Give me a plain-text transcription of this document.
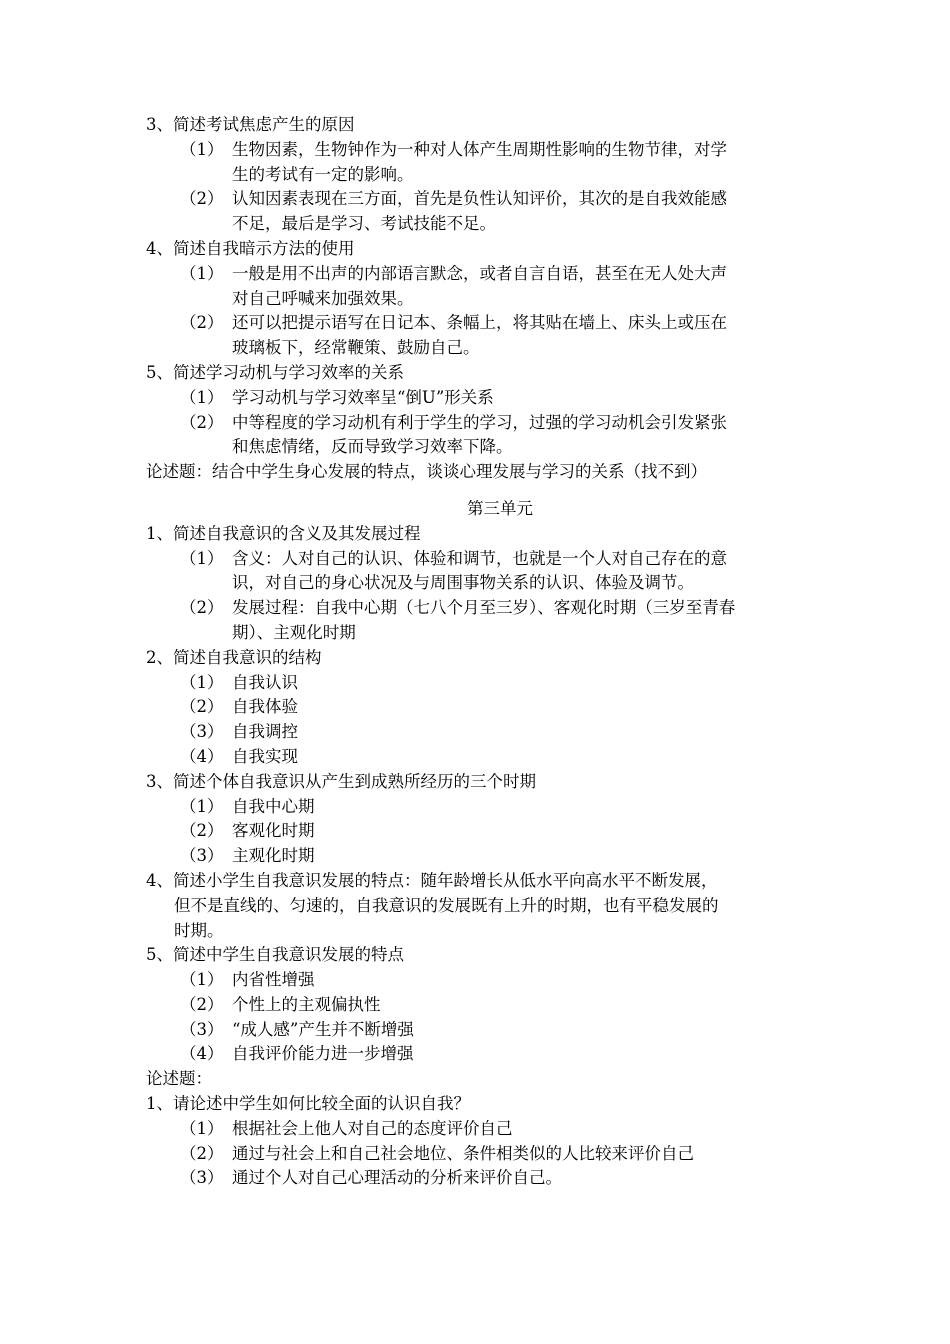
3、简述考试焦虑产生的原因
（1） 生物因素，生物钟作为一种对人体产生周期性影响的生物节律，对学
生的考试有一定的影响。
（2） 认知因素表现在三方面，首先是负性认知评价，其次的是自我效能感
不足，最后是学习、考试技能不足。
4、简述自我暗示方法的使用
（1） 一般是用不出声的内部语言默念，或者自言自语，甚至在无人处大声
对自己呼喊来加强效果。
（2） 还可以把提示语写在日记本、条幅上，将其贴在墙上、床头上或压在
玻璃板下，经常鞭策、鼓励自己。
5、简述学习动机与学习效率的关系
（1） 学习动机与学习效率呈“倒U”形关系
（2） 中等程度的学习动机有利于学生的学习，过强的学习动机会引发紧张
和焦虑情绪，反而导致学习效率下降。
论述题：结合中学生身心发展的特点，谈谈心理发展与学习的关系（找不到）
第三单元
1、简述自我意识的含义及其发展过程
（1） 含义：人对自己的认识、体验和调节，也就是一个人对自己存在的意
识，对自己的身心状况及与周围事物关系的认识、体验及调节。
（2） 发展过程：自我中心期（七八个月至三岁）、客观化时期（三岁至青春
期）、主观化时期
2、简述自我意识的结构
（1） 自我认识
（2） 自我体验
（3） 自我调控
（4） 自我实现
3、简述个体自我意识从产生到成熟所经历的三个时期
（1） 自我中心期
（2） 客观化时期
（3） 主观化时期
4、简述小学生自我意识发展的特点：随年龄增长从低水平向高水平不断发展，
但不是直线的、匀速的，自我意识的发展既有上升的时期，也有平稳发展的
时期。
5、简述中学生自我意识发展的特点
（1） 内省性增强
（2） 个性上的主观偏执性
（3） “成人感”产生并不断增强
（4） 自我评价能力进一步增强
论述题：
1、请论述中学生如何比较全面的认识自我？
（1） 根据社会上他人对自己的态度评价自己
（2） 通过与社会上和自己社会地位、条件相类似的人比较来评价自己
（3） 通过个人对自己心理活动的分析来评价自己。
